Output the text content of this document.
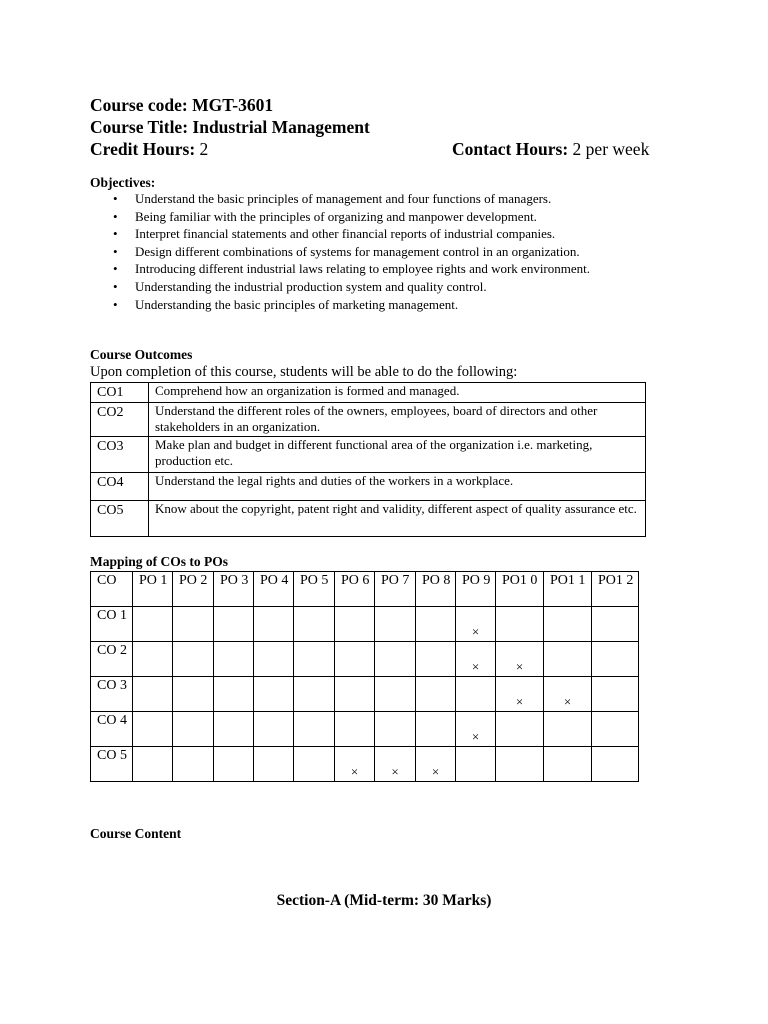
Course code: MGT-3601
Course Title: Industrial Management
Credit Hours: 2	Contact Hours: 2 per week
Objectives:
• Understand the basic principles of management and four functions of managers.
• Being familiar with the principles of organizing and manpower development.
• Interpret financial statements and other financial reports of industrial companies.
• Design different combinations of systems for management control in an organization.
• Introducing different industrial laws relating to employee rights and work environment.
• Understanding the industrial production system and quality control.
• Understanding the basic principles of marketing management.
Course Outcomes
Upon completion of this course, students will be able to do the following:
CO1	Comprehend how an organization is formed and managed.
CO2	Understand the different roles of the owners, employees, board of directors and other stakeholders in an organization.
CO3	Make plan and budget in different functional area of the organization i.e. marketing, production etc.
CO4	Understand the legal rights and duties of the workers in a workplace.
CO5	Know about the copyright, patent right and validity, different aspect of quality assurance etc.
Mapping of COs to POs
CO	PO 1	PO 2	PO 3	PO 4	PO 5	PO 6	PO 7	PO 8	PO 9	PO1 0	PO1 1	PO1 2
CO 1									×			
CO 2									×	×		
CO 3										×	×	
CO 4									×			
CO 5						×	×	×				
Course Content
Section-A (Mid-term: 30 Marks)
